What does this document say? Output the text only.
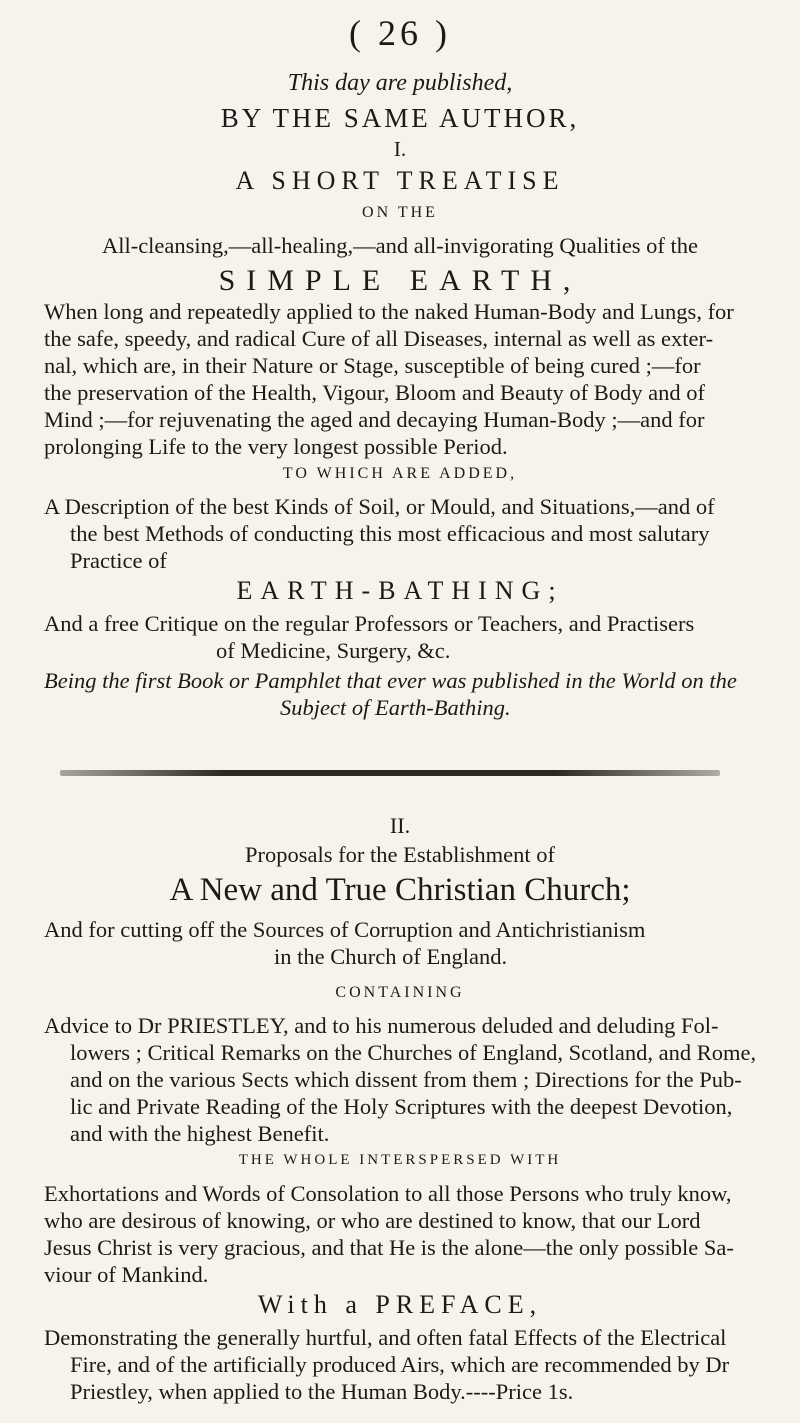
( 26 )
This day are published,
BY THE SAME AUTHOR,
I.
A SHORT TREATISE
ON THE
All-cleansing,—all-healing,—and all-invigorating Qualities of the
SIMPLE EARTH,
When long and repeatedly applied to the naked Human-Body and Lungs, for
the safe, speedy, and radical Cure of all Diseases, internal as well as exter-
nal, which are, in their Nature or Stage, susceptible of being cured ;—for
the preservation of the Health, Vigour, Bloom and Beauty of Body and of
Mind ;—for rejuvenating the aged and decaying Human-Body ;—and for
prolonging Life to the very longest possible Period.
TO WHICH ARE ADDED,
A Description of the best Kinds of Soil, or Mould, and Situations,—and of
the best Methods of conducting this most efficacious and most salutary
Practice of
EARTH-BATHING;
And a free Critique on the regular Professors or Teachers, and Practisers
of Medicine, Surgery, &c.
Being the first Book or Pamphlet that ever was published in the World on the
Subject of Earth-Bathing.
II.
Proposals for the Establishment of
A New and True Christian Church;
And for cutting off the Sources of Corruption and Antichristianism
in the Church of England.
CONTAINING
Advice to Dr PRIESTLEY, and to his numerous deluded and deluding Fol-
lowers ; Critical Remarks on the Churches of England, Scotland, and Rome,
and on the various Sects which dissent from them ; Directions for the Pub-
lic and Private Reading of the Holy Scriptures with the deepest Devotion,
and with the highest Benefit.
THE WHOLE INTERSPERSED WITH
Exhortations and Words of Consolation to all those Persons who truly know,
who are desirous of knowing, or who are destined to know, that our Lord
Jesus Christ is very gracious, and that He is the alone—the only possible Sa-
viour of Mankind.
With a PREFACE,
Demonstrating the generally hurtful, and often fatal Effects of the Electrical
Fire, and of the artificially produced Airs, which are recommended by Dr
Priestley, when applied to the Human Body.----Price 1s.
